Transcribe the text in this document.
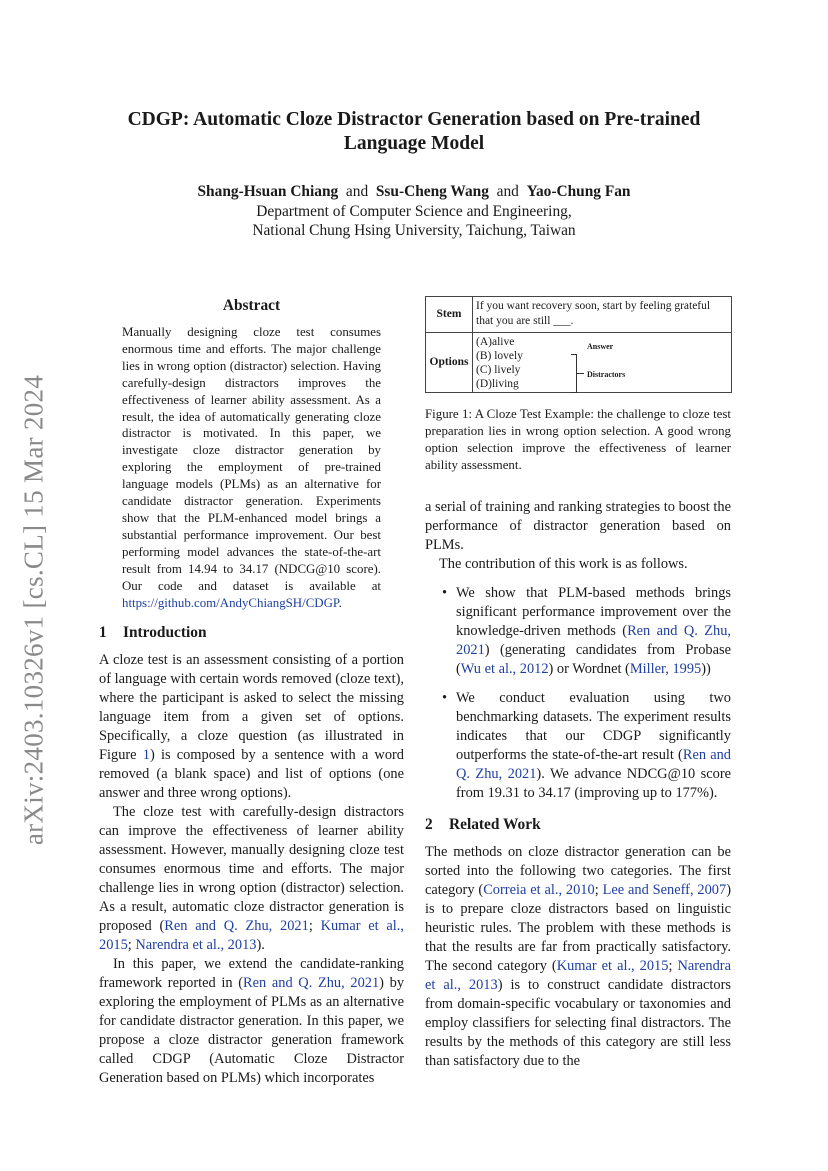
arXiv:2403.10326v1 [cs.CL] 15 Mar 2024
CDGP: Automatic Cloze Distractor Generation based on Pre-trained
Language Model
Shang-Hsuan Chiang and Ssu-Cheng Wang and Yao-Chung Fan
Department of Computer Science and Engineering,
National Chung Hsing University, Taichung, Taiwan
Abstract
Manually designing cloze test consumes enormous time and efforts. The major challenge lies in wrong option (distractor) selection. Having carefully-design distractors improves the effectiveness of learner ability assessment. As a result, the idea of automatically generating cloze distractor is motivated. In this paper, we investigate cloze distractor generation by exploring the employment of pre-trained language models (PLMs) as an alternative for candidate distractor generation. Experiments show that the PLM-enhanced model brings a substantial performance improvement. Our best performing model advances the state-of-the-art result from 14.94 to 34.17 (NDCG@10 score). Our code and dataset is available at https://github.com/AndyChiangSH/CDGP.
1 Introduction

A cloze test is an assessment consisting of a portion of language with certain words removed (cloze text), where the participant is asked to select the missing language item from a given set of options. Specifically, a cloze question (as illustrated in Figure 1) is composed by a sentence with a word removed (a blank space) and list of options (one answer and three wrong options).

The cloze test with carefully-design distractors can improve the effectiveness of learner ability assessment. However, manually designing cloze test consumes enormous time and efforts. The major challenge lies in wrong option (distractor) selection. As a result, automatic cloze distractor generation is proposed (Ren and Q. Zhu, 2021; Kumar et al., 2015; Narendra et al., 2013).

In this paper, we extend the candidate-ranking framework reported in (Ren and Q. Zhu, 2021) by exploring the employment of PLMs as an alternative for candidate distractor generation. In this paper, we propose a cloze distractor generation framework called CDGP (Automatic Cloze Distractor Generation based on PLMs) which incorporates

Stem
If you want recovery soon, start by feeling grateful that you are still ___.
Options
(A)alive
(B) lovely
(C) lively
(D)living
Answer
Distractors
Figure 1: A Cloze Test Example: the challenge to cloze test preparation lies in wrong option selection. A good wrong option selection improve the effectiveness of learner ability assessment.

a serial of training and ranking strategies to boost the performance of distractor generation based on PLMs.

The contribution of this work is as follows.

• We show that PLM-based methods brings significant performance improvement over the knowledge-driven methods (Ren and Q. Zhu, 2021) (generating candidates from Probase (Wu et al., 2012) or Wordnet (Miller, 1995))
• We conduct evaluation using two benchmarking datasets. The experiment results indicates that our CDGP significantly outperforms the state-of-the-art result (Ren and Q. Zhu, 2021). We advance NDCG@10 score from 19.31 to 34.17 (improving up to 177%).
2 Related Work

The methods on cloze distractor generation can be sorted into the following two categories. The first category (Correia et al., 2010; Lee and Seneff, 2007) is to prepare cloze distractors based on linguistic heuristic rules. The problem with these methods is that the results are far from practically satisfactory. The second category (Kumar et al., 2015; Narendra et al., 2013) is to construct candidate distractors from domain-specific vocabulary or taxonomies and employ classifiers for selecting final distractors. The results by the methods of this category are still less than satisfactory due to the
